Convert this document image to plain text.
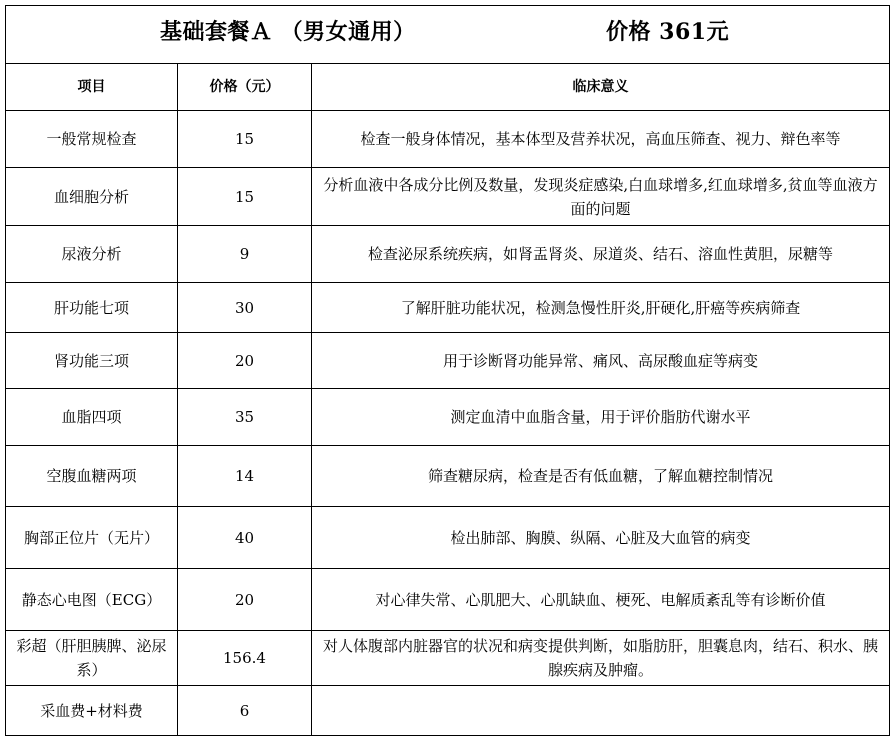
基础套餐Ａ （男女通用） 价格 361元		

项目	价格（元）	临床意义
一般常规检查	15	检查一般身体情况，基本体型及营养状况，高血压筛查、视力、辩色率等
血细胞分析	15	分析血液中各成分比例及数量，发现炎症感染,白血球增多,红血球增多,贫血等血液方面的问题
尿液分析	9	检查泌尿系统疾病，如肾盂肾炎、尿道炎、结石、溶血性黄胆，尿糖等
肝功能七项	30	了解肝脏功能状况，检测急慢性肝炎,肝硬化,肝癌等疾病筛查
肾功能三项	20	用于诊断肾功能异常、痛风、高尿酸血症等病变
血脂四项	35	测定血清中血脂含量，用于评价脂肪代谢水平
空腹血糖两项	14	筛查糖尿病，检查是否有低血糖，了解血糖控制情况
胸部正位片（无片）	40	检出肺部、胸膜、纵隔、心脏及大血管的病变
静态心电图（ECG）	20	对心律失常、心肌肥大、心肌缺血、梗死、电解质紊乱等有诊断价值
彩超（肝胆胰脾、泌尿系）	156.4	对人体腹部内脏器官的状况和病变提供判断，如脂肪肝，胆囊息肉，结石、积水、胰腺疾病及肿瘤。
采血费+材料费	6	
